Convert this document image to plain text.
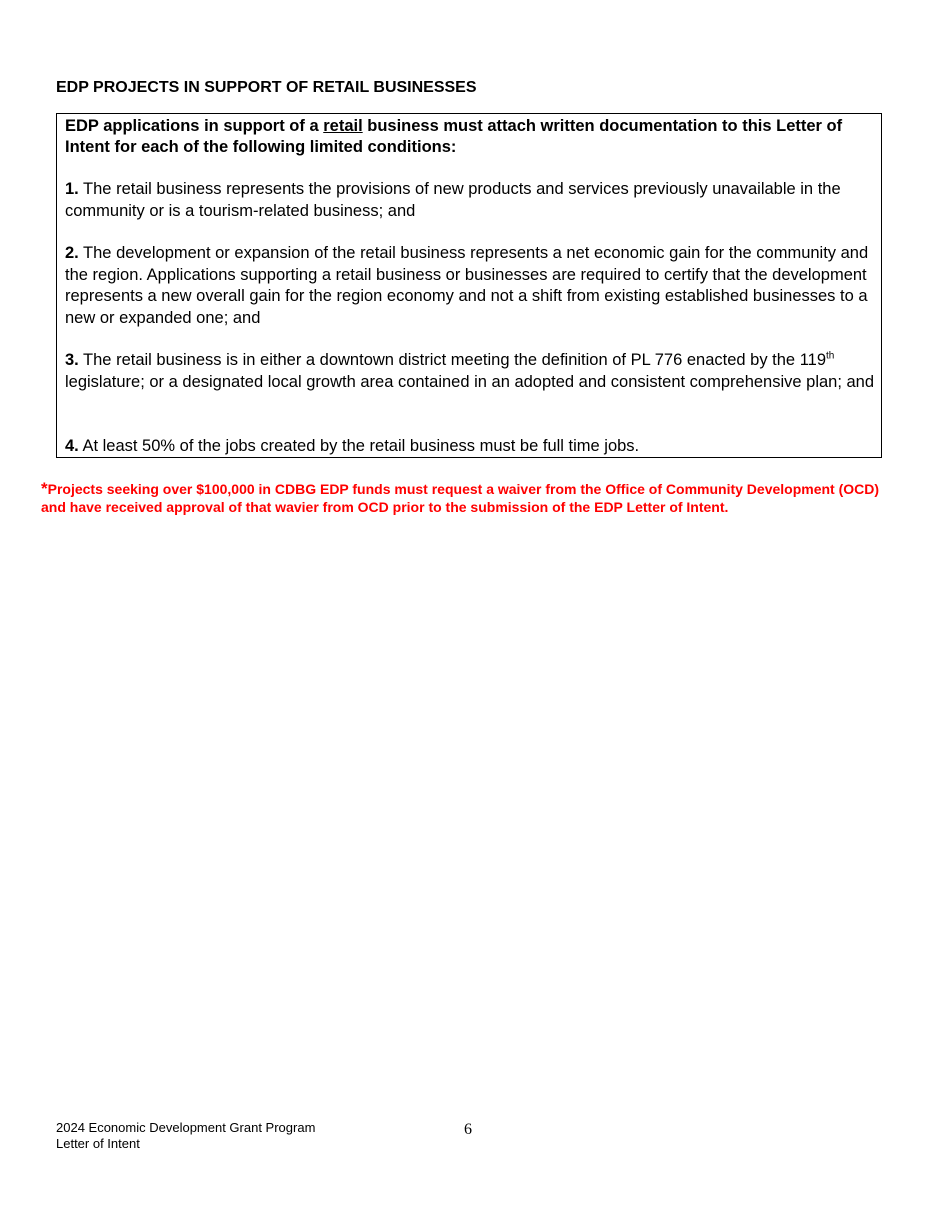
EDP PROJECTS IN SUPPORT OF RETAIL BUSINESSES
EDP applications in support of a retail business must attach written documentation to this Letter of Intent for each of the following limited conditions:
1. The retail business represents the provisions of new products and services previously unavailable in the community or is a tourism-related business; and
2. The development or expansion of the retail business represents a net economic gain for the community and the region. Applications supporting a retail business or businesses are required to certify that the development represents a new overall gain for the region economy and not a shift from existing established businesses to a new or expanded one; and
3. The retail business is in either a downtown district meeting the definition of PL 776 enacted by the 119th legislature; or a designated local growth area contained in an adopted and consistent comprehensive plan; and
4. At least 50% of the jobs created by the retail business must be full time jobs.
*Projects seeking over $100,000 in CDBG EDP funds must request a waiver from the Office of Community Development (OCD) and have received approval of that wavier from OCD prior to the submission of the EDP Letter of Intent.
2024 Economic Development Grant Program
Letter of Intent
6
